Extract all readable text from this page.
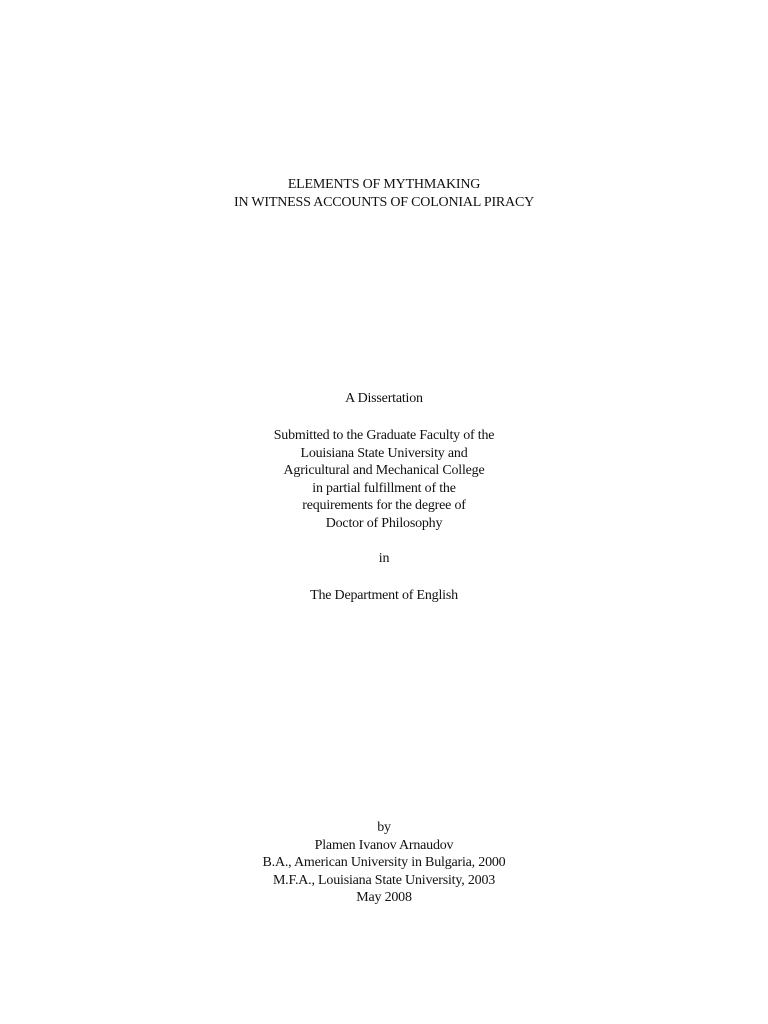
ELEMENTS OF MYTHMAKING
IN WITNESS ACCOUNTS OF COLONIAL PIRACY
A Dissertation
Submitted to the Graduate Faculty of the
Louisiana State University and
Agricultural and Mechanical College
in partial fulfillment of the
requirements for the degree of
Doctor of Philosophy
in
The Department of English
by
Plamen Ivanov Arnaudov
B.A., American University in Bulgaria, 2000
M.F.A., Louisiana State University, 2003
May 2008
